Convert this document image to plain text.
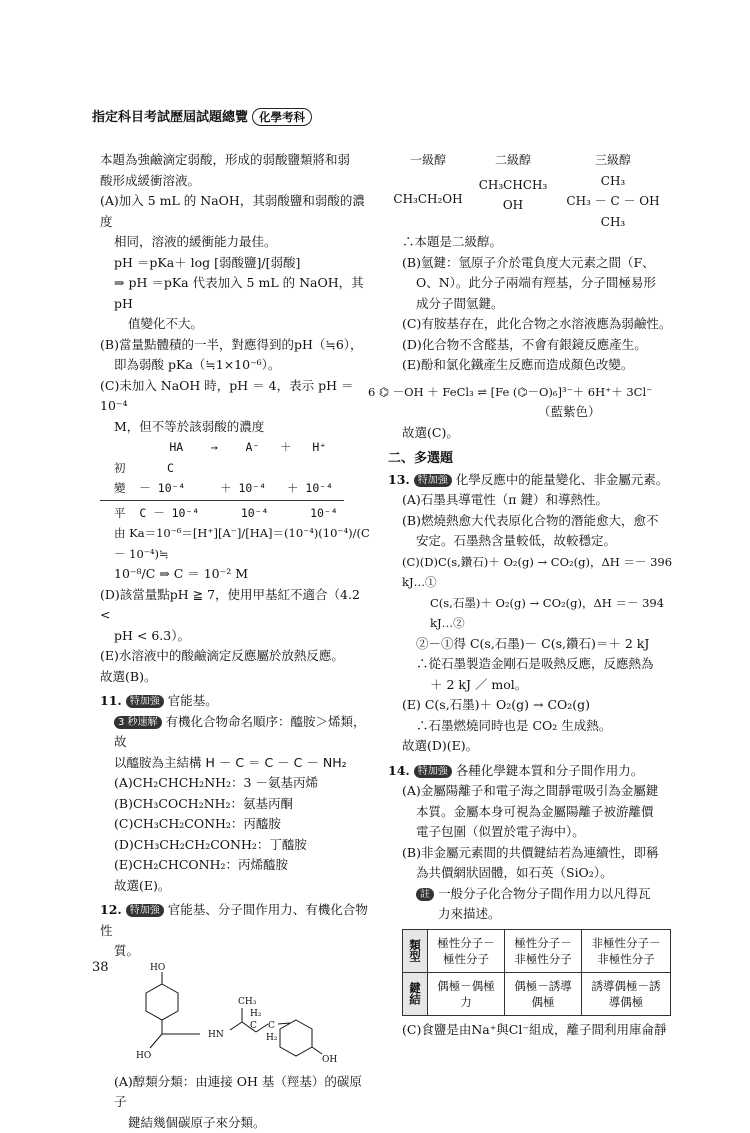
指定科目考試歷屆試題總覽 化學考科

本題為強鹼滴定弱酸，形成的弱酸鹽類將和弱

酸形成緩衝溶液。

(A)加入 5 mL 的 NaOH，其弱酸鹽和弱酸的濃度

相同，溶液的緩衝能力最佳。

pH ＝pKa＋ log [弱酸鹽]/[弱酸]

⇒ pH ＝pKa 代表加入 5 mL 的 NaOH，其 pH

值變化不大。

(B)當量點體積的一半，對應得到的pH（≒6），

即為弱酸 pKa（≒1×10⁻⁶）。

(C)未加入 NaOH 時，pH ＝ 4，表示 pH ＝10⁻⁴

M，但不等於該弱酸的濃度

HA    →    A⁻   ＋   H⁺

初      C

變  － 10⁻⁴     ＋ 10⁻⁴   ＋ 10⁻⁴

平  C － 10⁻⁴      10⁻⁴      10⁻⁴

由 Ka＝10⁻⁶＝[H⁺][A⁻]/[HA]＝(10⁻⁴)(10⁻⁴)/(C － 10⁻⁴)≒

10⁻⁸/C ⇒ C ＝ 10⁻² M

(D)該當量點pH ≧ 7，使用甲基紅不適合（4.2 <

pH < 6.3）。

(E)水溶液中的酸鹼滴定反應屬於放熱反應。

故選(B)。

11. 特加強 官能基。

3 秒速解 有機化合物命名順序：醯胺＞烯類，故

以醯胺為主結構 H － C ＝ C － C － NH₂

(A)CH₂CHCH₂NH₂：3 －氨基丙烯

(B)CH₃COCH₂NH₂：氨基丙酮

(C)CH₃CH₂CONH₂：丙醯胺

(D)CH₃CH₂CH₂CONH₂：丁醯胺

(E)CH₂CHCONH₂：丙烯醯胺

故選(E)。

12. 特加強 官能基、分子間作用力、有機化合物性

質。

HO
CH₃
HN
H₂
C C
H₂
HO	OH

(A)醇類分類：由連接 OH 基（羥基）的碳原子

鍵結幾個碳原子來分類。

一級醇

CH₃CH₂OH

二級醇

CH₃CHCH₃

OH

三級醇

CH₃

CH₃ － C － OH

CH₃

∴本題是二級醇。

(B)氫鍵：氫原子介於電負度大元素之間（F、

O、N）。此分子兩端有羥基，分子間極易形

成分子間氫鍵。

(C)有胺基存在，此化合物之水溶液應為弱鹼性。

(D)化合物不含醛基，不會有銀鏡反應產生。

(E)酚和氯化鐵產生反應而造成顏色改變。

6 ⌬ －OH ＋ FeCl₃ ⇌ [Fe (⌬－O)₆]³⁻＋ 6H⁺＋ 3Cl⁻

（藍紫色）

故選(C)。

二、多選題

13. 特加強 化學反應中的能量變化、非金屬元素。

(A)石墨具導電性（π 鍵）和導熱性。

(B)燃燒熱愈大代表原化合物的潛能愈大，愈不

安定。石墨熱含量較低，故較穩定。

(C)(D)C(s,鑽石)＋ O₂(g) → CO₂(g)，ΔH ＝－ 396 kJ…①

C(s,石墨)＋ O₂(g) → CO₂(g)，ΔH ＝－ 394 kJ…②

②－①得 C(s,石墨)－ C(s,鑽石)＝＋ 2 kJ

∴從石墨製造金剛石是吸熱反應，反應熱為

＋ 2 kJ ／ mol。

(E) C(s,石墨)＋ O₂(g) → CO₂(g)

∴石墨燃燒同時也是 CO₂ 生成熱。

故選(D)(E)。

14. 特加強 各種化學鍵本質和分子間作用力。

(A)金屬陽離子和電子海之間靜電吸引為金屬鍵

本質。金屬本身可視為金屬陽離子被游離價

電子包圍（似置於電子海中）。

(B)非金屬元素間的共價鍵結若為連續性，即稱

為共價網狀固體，如石英（SiO₂）。

註 一般分子化合物分子間作用力以凡得瓦

力來描述。

類型	極性分子－極性分子	極性分子－非極性分子	非極性分子－非極性分子
鍵結	偶極－偶極力	偶極－誘導偶極	誘導偶極－誘導偶極

(C)食鹽是由Na⁺與Cl⁻組成，離子間利用庫侖靜

38
